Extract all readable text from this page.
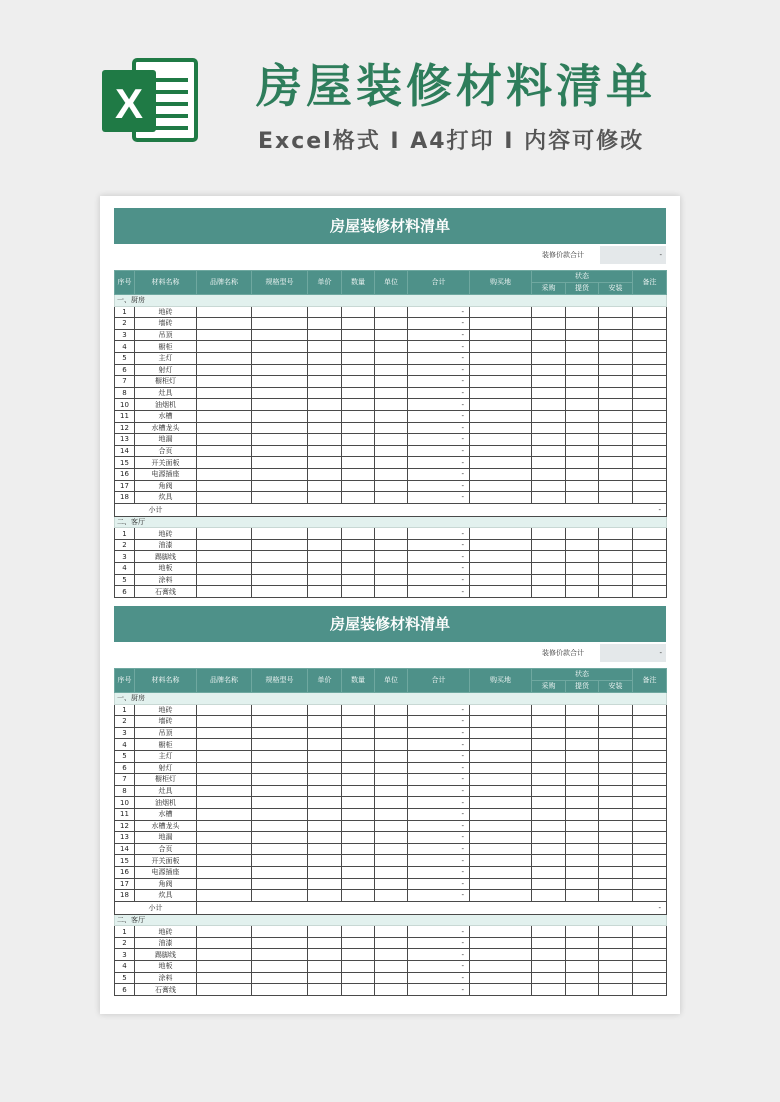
X 房屋装修材料清单

Excel格式 I A4打印 I 内容可修改

房屋装修材料清单
装修价款合计	-
序号	材料名称	品牌名称	规格型号	单价	数量	单位	合计	购买地	状态			备注
									采购	提货	安装	
一、厨房												
1	地砖						-					
2	墙砖						-					
3	吊顶						-					
4	橱柜						-					
5	主灯						-					
6	射灯						-					
7	橱柜灯						-					
8	灶具						-					
10	油烟机						-					
11	水槽						-					
12	水槽龙头						-					
13	地漏						-					
14	合页						-					
15	开关面板						-					
16	电源插座						-					
17	角阀						-					
18	炊具						-					
小计		-										
二、客厅												
1	地砖						-					
2	油漆						-					
3	踢脚线						-					
4	地板						-					
5	涂料						-					
6	石膏线						-					
房屋装修材料清单
装修价款合计	-
序号	材料名称	品牌名称	规格型号	单价	数量	单位	合计	购买地	状态			备注
									采购	提货	安装	
一、厨房												
1	地砖						-					
2	墙砖						-					
3	吊顶						-					
4	橱柜						-					
5	主灯						-					
6	射灯						-					
7	橱柜灯						-					
8	灶具						-					
10	油烟机						-					
11	水槽						-					
12	水槽龙头						-					
13	地漏						-					
14	合页						-					
15	开关面板						-					
16	电源插座						-					
17	角阀						-					
18	炊具						-					
小计		-										
二、客厅												
1	地砖						-					
2	油漆						-					
3	踢脚线						-					
4	地板						-					
5	涂料						-					
6	石膏线						-					
